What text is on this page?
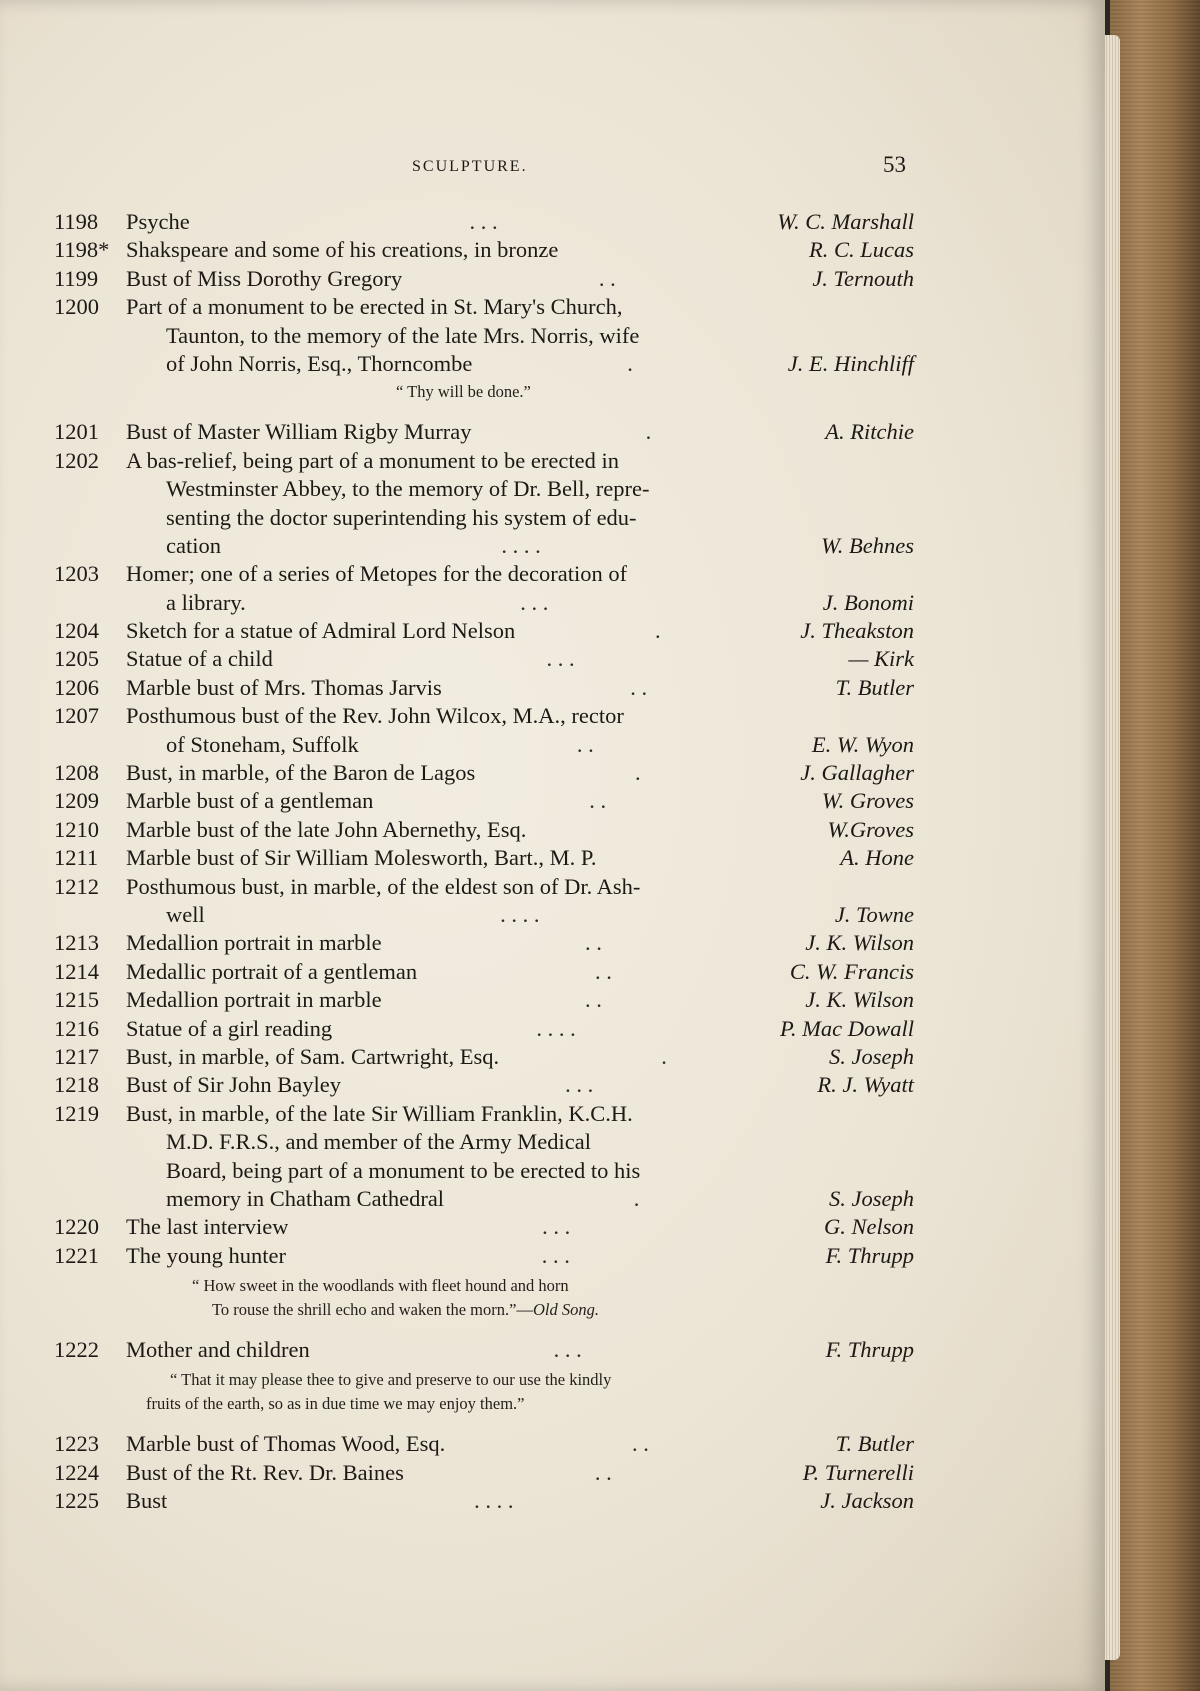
SCULPTURE.	53
1198	Psyche	. . .	W. C. Marshall
1198* Shakspeare and some of his creations, in bronze	R. C. Lucas
1199	Bust of Miss Dorothy Gregory	. .	J. Ternouth
1200	Part of a monument to be erected in St. Mary's Church,
Taunton, to the memory of the late Mrs. Norris, wife
of John Norris, Esq., Thorncombe	.	J. E. Hinchliff
“ Thy will be done.”
1201	Bust of Master William Rigby Murray	.	A. Ritchie
1202	A bas-relief, being part of a monument to be erected in
Westminster Abbey, to the memory of Dr. Bell, repre-
senting the doctor superintending his system of edu-
cation	. . . .	W. Behnes
1203	Homer; one of a series of Metopes for the decoration of
a library.	. . .	J. Bonomi
1204	Sketch for a statue of Admiral Lord Nelson	.	J. Theakston
1205	Statue of a child	. . .	— Kirk
1206	Marble bust of Mrs. Thomas Jarvis	. .	T. Butler
1207	Posthumous bust of the Rev. John Wilcox, M.A., rector
of Stoneham, Suffolk	. .	E. W. Wyon
1208	Bust, in marble, of the Baron de Lagos	.	J. Gallagher
1209	Marble bust of a gentleman	. .	W. Groves
1210	Marble bust of the late John Abernethy, Esq.	W.Groves
1211	Marble bust of Sir William Molesworth, Bart., M. P.	A. Hone
1212	Posthumous bust, in marble, of the eldest son of Dr. Ash-
well	. . . .	J. Towne
1213	Medallion portrait in marble	. .	J. K. Wilson
1214	Medallic portrait of a gentleman	. .	C. W. Francis
1215	Medallion portrait in marble	. .	J. K. Wilson
1216	Statue of a girl reading	. . . .	P. Mac Dowall
1217	Bust, in marble, of Sam. Cartwright, Esq.	.	S. Joseph
1218	Bust of Sir John Bayley	. . .	R. J. Wyatt
1219	Bust, in marble, of the late Sir William Franklin, K.C.H.
M.D. F.R.S., and member of the Army Medical
Board, being part of a monument to be erected to his
memory in Chatham Cathedral	.	S. Joseph
1220	The last interview	. . .	G. Nelson
1221	The young hunter	. . .	F. Thrupp
“ How sweet in the woodlands with fleet hound and horn
To rouse the shrill echo and waken the morn.”—Old Song.
1222	Mother and children	. . .	F. Thrupp
“ That it may please thee to give and preserve to our use the kindly
fruits of the earth, so as in due time we may enjoy them.”
1223	Marble bust of Thomas Wood, Esq.	. .	T. Butler
1224	Bust of the Rt. Rev. Dr. Baines	. .	P. Turnerelli
1225	Bust	. . . .	J. Jackson
